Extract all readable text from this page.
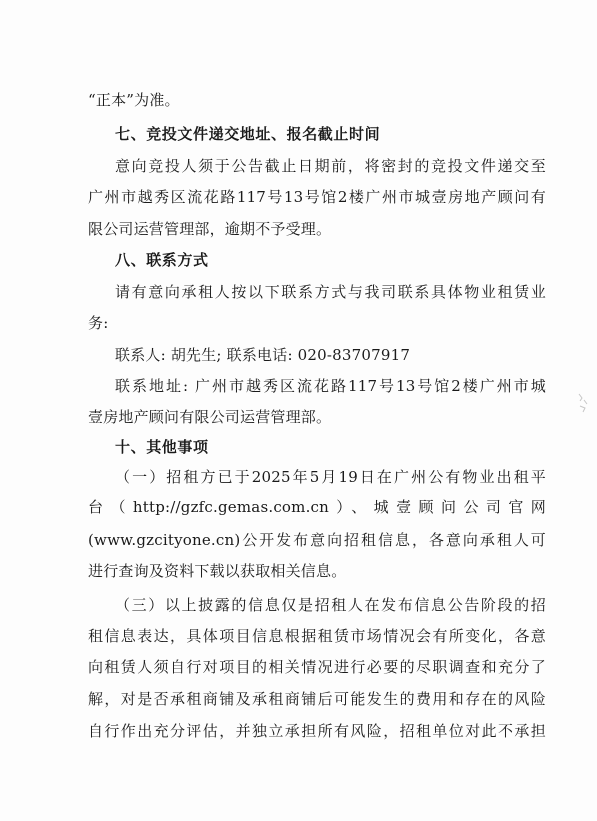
“正本”为准。
七、竞投文件递交地址、报名截止时间
意向竞投人须于公告截止日期前，将密封的竞投文件递交至
广州市越秀区流花路117号13号馆2楼广州市城壹房地产顾问有
限公司运营管理部，逾期不予受理。
八、联系方式
请有意向承租人按以下联系方式与我司联系具体物业租赁业
务:
联系人: 胡先生; 联系电话: 020-83707917
联系地址: 广州市越秀区流花路117号13号馆2楼广州市城
壹房地产顾问有限公司运营管理部。
十、其他事项
（一）招租方已于2025年5月19日在广州公有物业出租平
台（http://gzfc.gemas.com.cn）、城壹顾问公司官网
(www.gzcityone.cn)公开发布意向招租信息，各意向承租人可
进行查询及资料下载以获取相关信息。
（三）以上披露的信息仅是招租人在发布信息公告阶段的招
租信息表达，具体项目信息根据租赁市场情况会有所变化，各意
向租赁人须自行对项目的相关情况进行必要的尽职调查和充分了
解，对是否承租商铺及承租商铺后可能发生的费用和存在的风险
自行作出充分评估，并独立承担所有风险，招租单位对此不承担
